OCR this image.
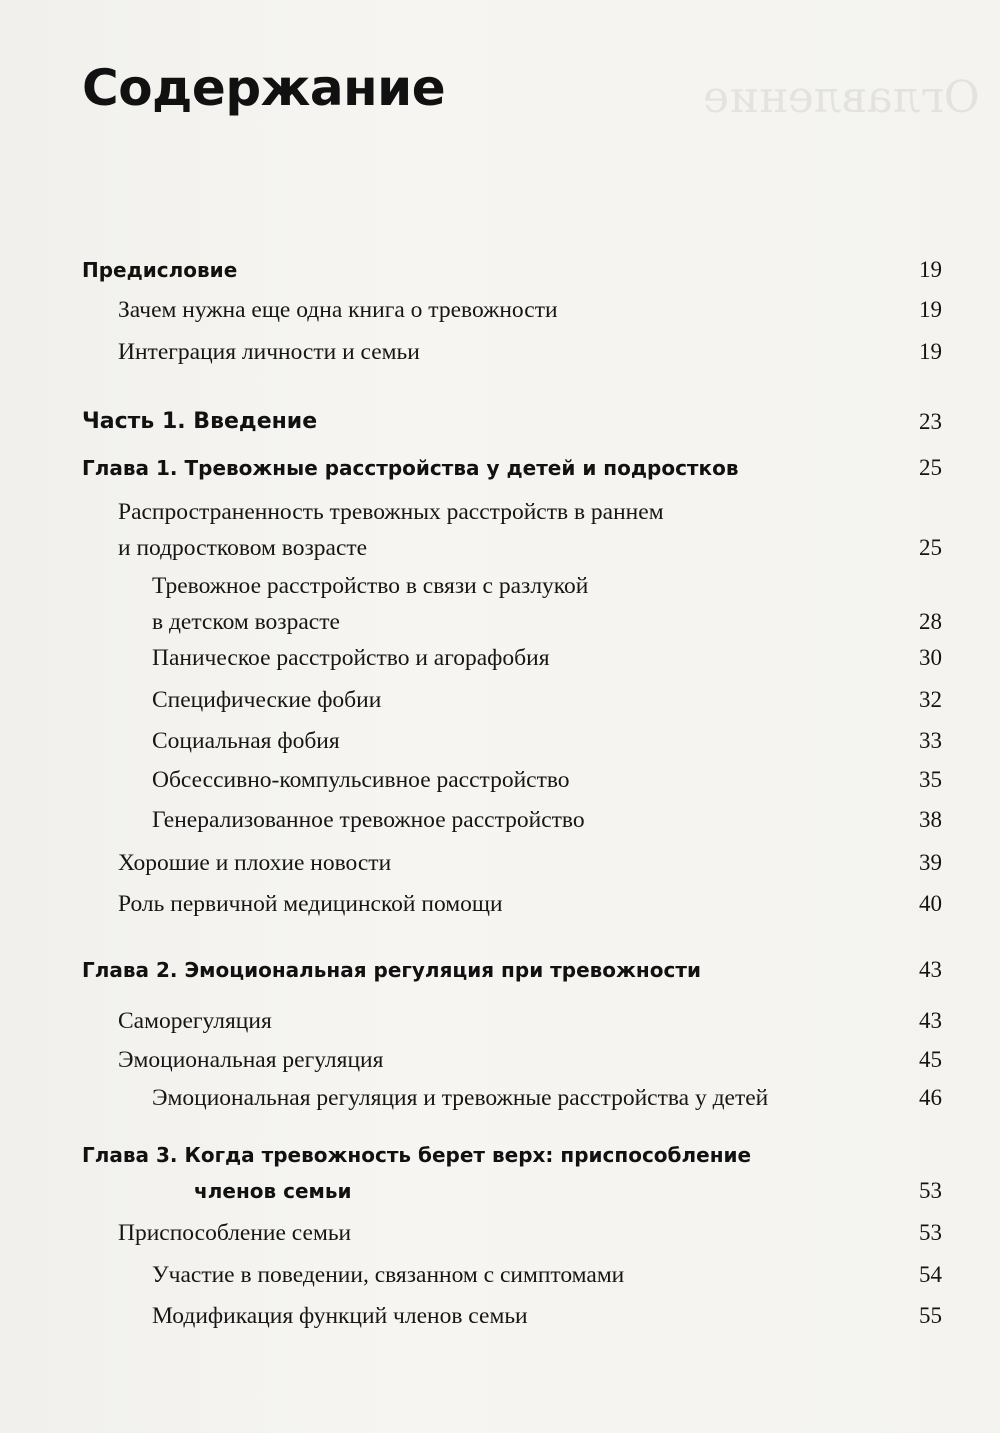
Оглавление
Содержание
Предисловие	19
Зачем нужна еще одна книга о тревожности	19
Интеграция личности и семьи	19
Часть 1. Введение	23
Глава 1. Тревожные расстройства у детей и подростков	25
Распространенность тревожных расстройств в раннем
и подростковом возрасте	25
Тревожное расстройство в связи с разлукой
в детском возрасте	28
Паническое расстройство и агорафобия	30
Специфические фобии	32
Социальная фобия	33
Обсессивно-компульсивное расстройство	35
Генерализованное тревожное расстройство	38
Хорошие и плохие новости	39
Роль первичной медицинской помощи	40
Глава 2. Эмоциональная регуляция при тревожности	43
Саморегуляция	43
Эмоциональная регуляция	45
Эмоциональная регуляция и тревожные расстройства у детей	46
Глава 3. Когда тревожность берет верх: приспособление
членов семьи	53
Приспособление семьи	53
Участие в поведении, связанном с симптомами	54
Модификация функций членов семьи	55
